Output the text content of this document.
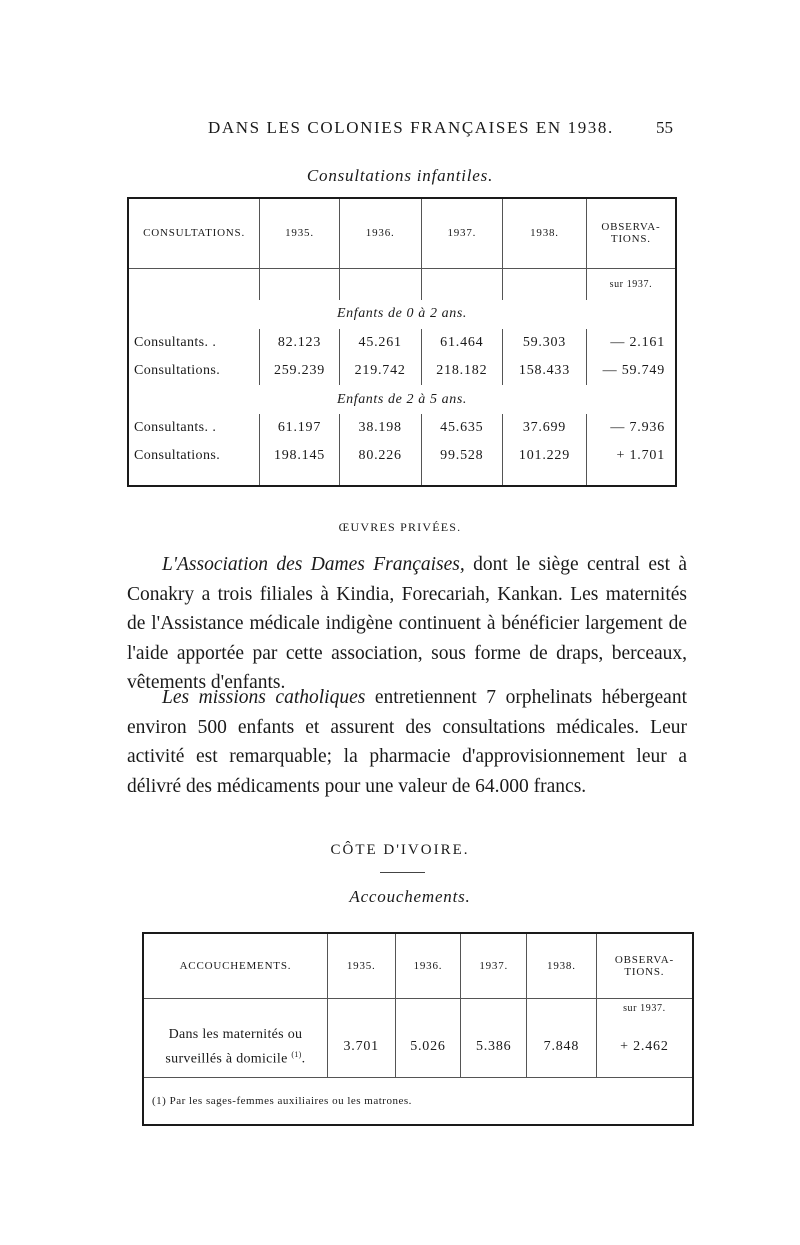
DANS LES COLONIES FRANÇAISES EN 1938. 55
Consultations infantiles.
CONSULTATIONS.	1935.	1936.	1937.	1938.	OBSERVA-
TIONS.
					sur 1937.
Enfants de 0 à 2 ans.					
Consultants. .	82.123	45.261	61.464	59.303	— 2.161
Consultations.	259.239	219.742	218.182	158.433	— 59.749
Enfants de 2 à 5 ans.					
Consultants. .	61.197	38.198	45.635	37.699	— 7.936
Consultations.	198.145	80.226	99.528	101.229	+ 1.701

ŒUVRES PRIVÉES.
L'Association des Dames Françaises, dont le siège central est à Conakry a trois filiales à Kindia, Forecariah, Kankan. Les maternités de l'Assistance médicale indigène continuent à bénéficier largement de l'aide apportée par cette association, sous forme de draps, berceaux, vêtements d'enfants.
Les missions catholiques entretiennent 7 orphelinats hébergeant environ 500 enfants et assurent des consultations médicales. Leur activité est remarquable; la pharmacie d'approvisionnement leur a délivré des médicaments pour une valeur de 64.000 francs.
CÔTE D'IVOIRE.
Accouchements.
ACCOUCHEMENTS.	1935.	1936.	1937.	1938.	OBSERVA-
TIONS.
					sur 1937.
Dans les maternités ou
surveillés à domicile $^{(1)}$.	3.701	5.026	5.386	7.848	+ 2.462
(1) Par les sages-femmes auxiliaires ou les matrones.					
